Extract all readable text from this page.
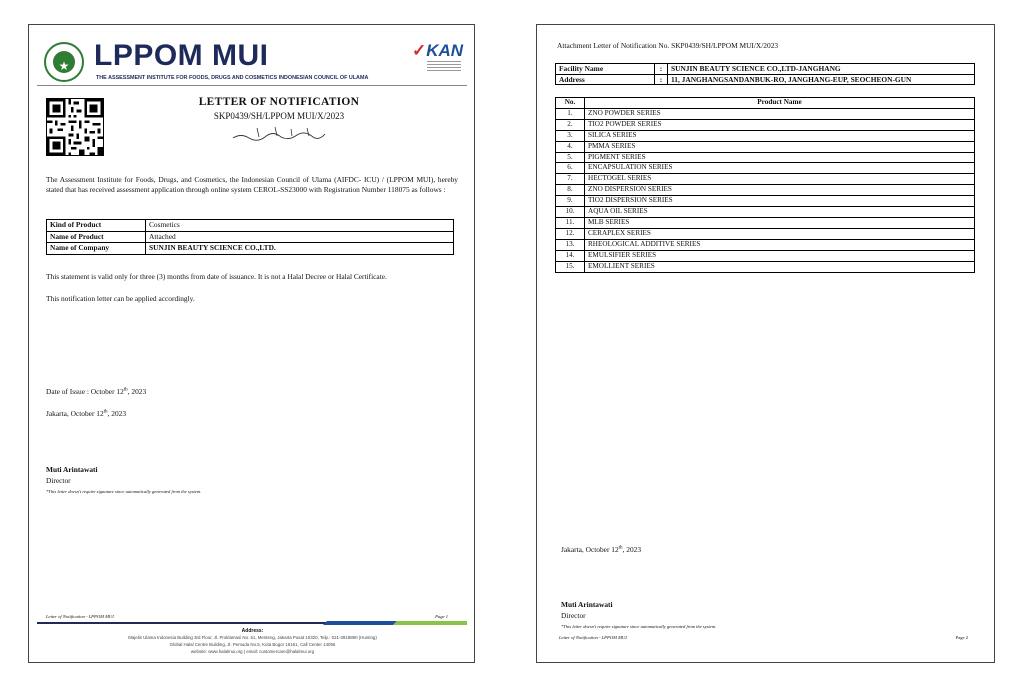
★ LPPOM MUI
THE ASSESSMENT INSTITUTE FOR FOODS, DRUGS AND COSMETICS INDONESIAN COUNCIL OF ULAMA
✓KAN
LETTER OF NOTIFICATION
SKP0439/SH/LPPOM MUI/X/2023
The Assessment Institute for Foods, Drugs, and Cosmetics, the Indonesian Council of Ulama (AIFDC- ICU) / (LPPOM MUI), hereby stated that has received assessment application through online system CEROL-SS23000 with Registration Number 118075 as follows :
Kind of Product	Cosmetics
Name of Product	Attached
Name of Company	SUNJIN BEAUTY SCIENCE CO.,LTD.
This statement is valid only for three (3) months from date of issuance. It is not a Halal Decree or Halal Certificate.
This notification letter can be applied accordingly.
Date of Issue : October 12th, 2023
Jakarta, October 12th, 2023
Muti Arintawati
Director
*This letter doesn't require signature since automatically generated from the system.
Letter of Notification - LPPOM MUI	Page 1
Address:
Majelis Ulama Indonesia Building 3rd Floor, Jl. Proklamasi No. 51, Menteng, Jakarta Pusat 10320, Telp.: 021-3918890 (Hunting)
Global Halal Centre Building, Jl. Pemuda No.5, Kota Bogor 16161, Call Center 14056
website: www.halalmui.org | email: customercare@halalmui.org
Attachment Letter of Notification No. SKP0439/SH/LPPOM MUI/X/2023
Facility Name	:	SUNJIN BEAUTY SCIENCE CO.,LTD-JANGHANG
Address	:	11, JANGHANGSANDANBUK-RO, JANGHANG-EUP, SEOCHEON-GUN
No.	Product Name
1.	ZNO POWDER SERIES
2.	TIO2 POWDER SERIES
3.	SILICA SERIES
4.	PMMA SERIES
5.	PIGMENT SERIES
6.	ENCAPSULATION SERIES
7.	HECTOGEL SERIES
8.	ZNO DISPERSION SERIES
9.	TIO2 DISPERSION SERIES
10.	AQUA OIL SERIES
11.	MLB SERIES
12.	CERAPLEX SERIES
13.	RHEOLOGICAL ADDITIVE SERIES
14.	EMULSIFIER SERIES
15.	EMOLLIENT SERIES
Jakarta, October 12th, 2023
Muti Arintawati
Director
*This letter doesn't require signature since automatically generated from the system.
Letter of Notification - LPPOM MUI	Page 2
